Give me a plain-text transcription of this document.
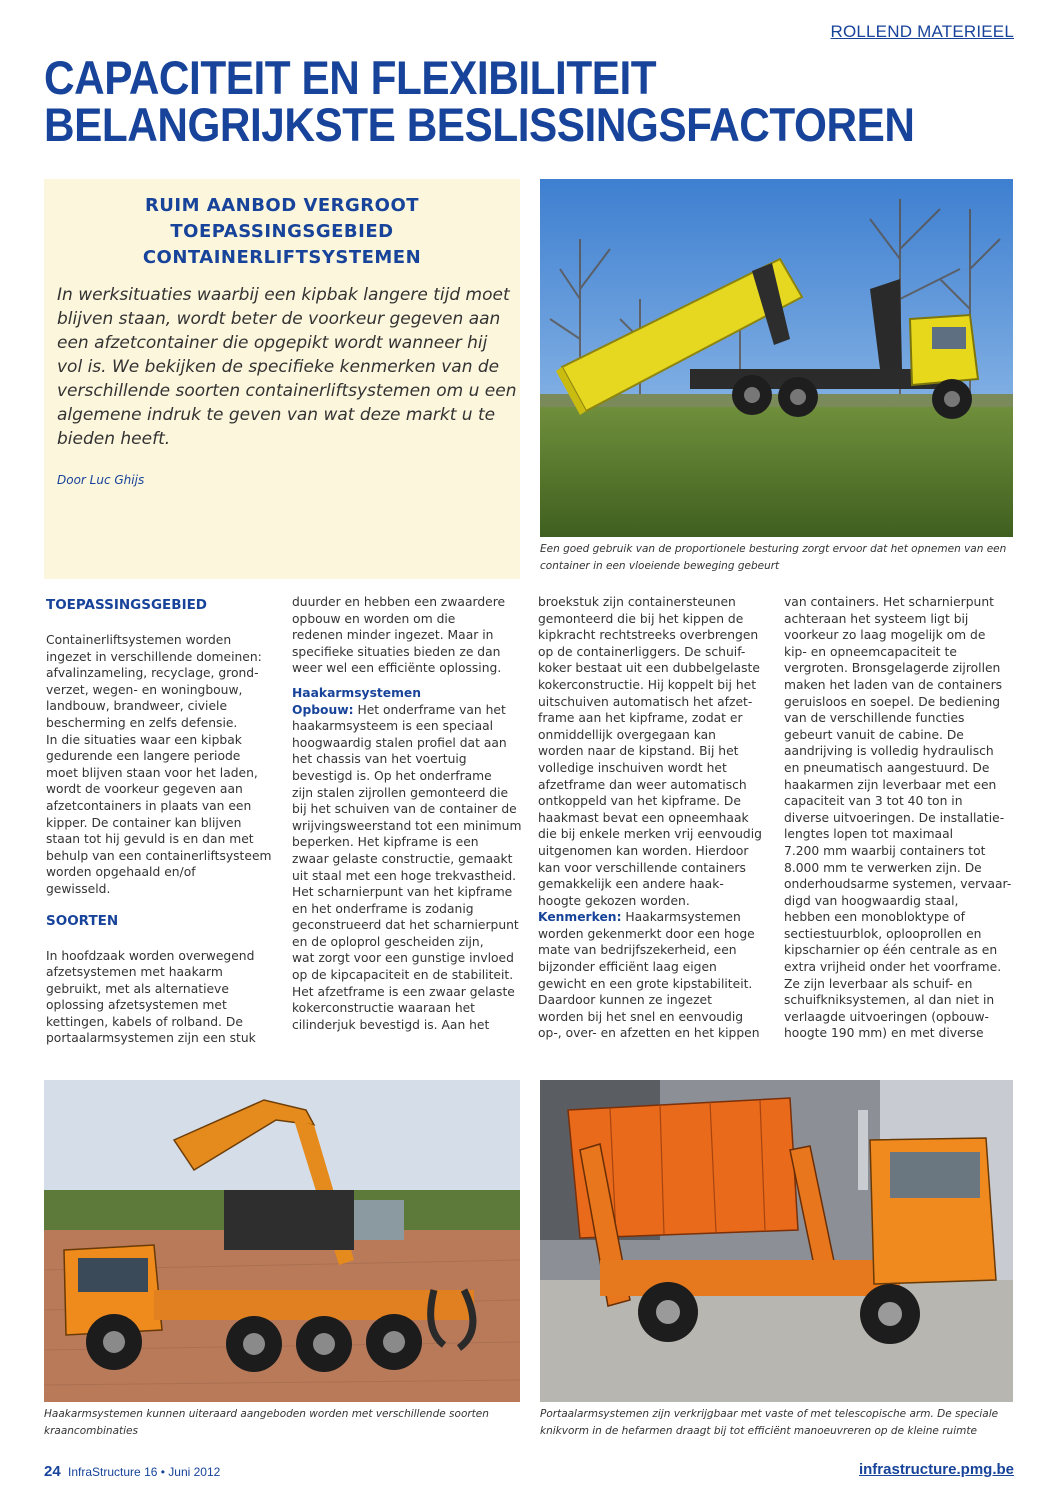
ROLLEND MATERIEEL
CAPACITEIT EN FLEXIBILITEIT
BELANGRIJKSTE BESLISSINGSFACTOREN
RUIM AANBOD VERGROOT
TOEPASSINGSGEBIED
CONTAINERLIFTSYSTEMEN
In werksituaties waarbij een kipbak langere tijd moet
blijven staan, wordt beter de voorkeur gegeven aan
een afzetcontainer die opgepikt wordt wanneer hij
vol is. We bekijken de specifieke kenmerken van de
verschillende soorten containerliftsystemen om u een
algemene indruk te geven van wat deze markt u te
bieden heeft.
Door Luc Ghijs
Een goed gebruik van de proportionele besturing zorgt ervoor dat het opnemen van een
container in een vloeiende beweging gebeurt
TOEPASSINGSGEBIED
Containerliftsystemen worden
ingezet in verschillende domeinen:
afvalinzameling, recyclage, grond-
verzet, wegen- en woningbouw,
landbouw, brandweer, civiele
bescherming en zelfs defensie.
In die situaties waar een kipbak
gedurende een langere periode
moet blijven staan voor het laden,
wordt de voorkeur gegeven aan
afzetcontainers in plaats van een
kipper. De container kan blijven
staan tot hij gevuld is en dan met
behulp van een containerliftsysteem
worden opgehaald en/of
gewisseld.
SOORTEN
In hoofdzaak worden overwegend
afzetsystemen met haakarm
gebruikt, met als alternatieve
oplossing afzetsystemen met
kettingen, kabels of rolband. De
portaalarmsystemen zijn een stuk
duurder en hebben een zwaardere
opbouw en worden om die
redenen minder ingezet. Maar in
specifieke situaties bieden ze dan
weer wel een efficiënte oplossing.
Haakarmsystemen
Opbouw: Het onderframe van het
haakarmsysteem is een speciaal
hoogwaardig stalen profiel dat aan
het chassis van het voertuig
bevestigd is. Op het onderframe
zijn stalen zijrollen gemonteerd die
bij het schuiven van de container de
wrijvingsweerstand tot een minimum
beperken. Het kipframe is een
zwaar gelaste constructie, gemaakt
uit staal met een hoge trekvastheid.
Het scharnierpunt van het kipframe
en het onderframe is zodanig
geconstrueerd dat het scharnierpunt
en de oploprol gescheiden zijn,
wat zorgt voor een gunstige invloed
op de kipcapaciteit en de stabiliteit.
Het afzetframe is een zwaar gelaste
kokerconstructie waaraan het
cilinderjuk bevestigd is. Aan het
broekstuk zijn containersteunen
gemonteerd die bij het kippen de
kipkracht rechtstreeks overbrengen
op de containerliggers. De schuif-
koker bestaat uit een dubbelgelaste
kokerconstructie. Hij koppelt bij het
uitschuiven automatisch het afzet-
frame aan het kipframe, zodat er
onmiddellijk overgegaan kan
worden naar de kipstand. Bij het
volledige inschuiven wordt het
afzetframe dan weer automatisch
ontkoppeld van het kipframe. De
haakmast bevat een opneemhaak
die bij enkele merken vrij eenvoudig
uitgenomen kan worden. Hierdoor
kan voor verschillende containers
gemakkelijk een andere haak-
hoogte gekozen worden.
Kenmerken: Haakarmsystemen
worden gekenmerkt door een hoge
mate van bedrijfszekerheid, een
bijzonder efficiënt laag eigen
gewicht en een grote kipstabiliteit.
Daardoor kunnen ze ingezet
worden bij het snel en eenvoudig
op-, over- en afzetten en het kippen
van containers. Het scharnierpunt
achteraan het systeem ligt bij
voorkeur zo laag mogelijk om de
kip- en opneemcapaciteit te
vergroten. Bronsgelagerde zijrollen
maken het laden van de containers
geruisloos en soepel. De bediening
van de verschillende functies
gebeurt vanuit de cabine. De
aandrijving is volledig hydraulisch
en pneumatisch aangestuurd. De
haakarmen zijn leverbaar met een
capaciteit van 3 tot 40 ton in
diverse uitvoeringen. De installatie-
lengtes lopen tot maximaal
7.200 mm waarbij containers tot
8.000 mm te verwerken zijn. De
onderhoudsarme systemen, vervaar-
digd van hoogwaardig staal,
hebben een monobloktype of
sectiestuurblok, oplooprollen en
kipscharnier op één centrale as en
extra vrijheid onder het voorframe.
Ze zijn leverbaar als schuif- en
schuifkniksystemen, al dan niet in
verlaagde uitvoeringen (opbouw-
hoogte 190 mm) en met diverse
Haakarmsystemen kunnen uiteraard aangeboden worden met verschillende soorten
kraancombinaties
Portaalarmsystemen zijn verkrijgbaar met vaste of met telescopische arm. De speciale
knikvorm in de hefarmen draagt bij tot efficiënt manoeuvreren op de kleine ruimte
24 InfraStructure 16 • Juni 2012	infrastructure.pmg.be
